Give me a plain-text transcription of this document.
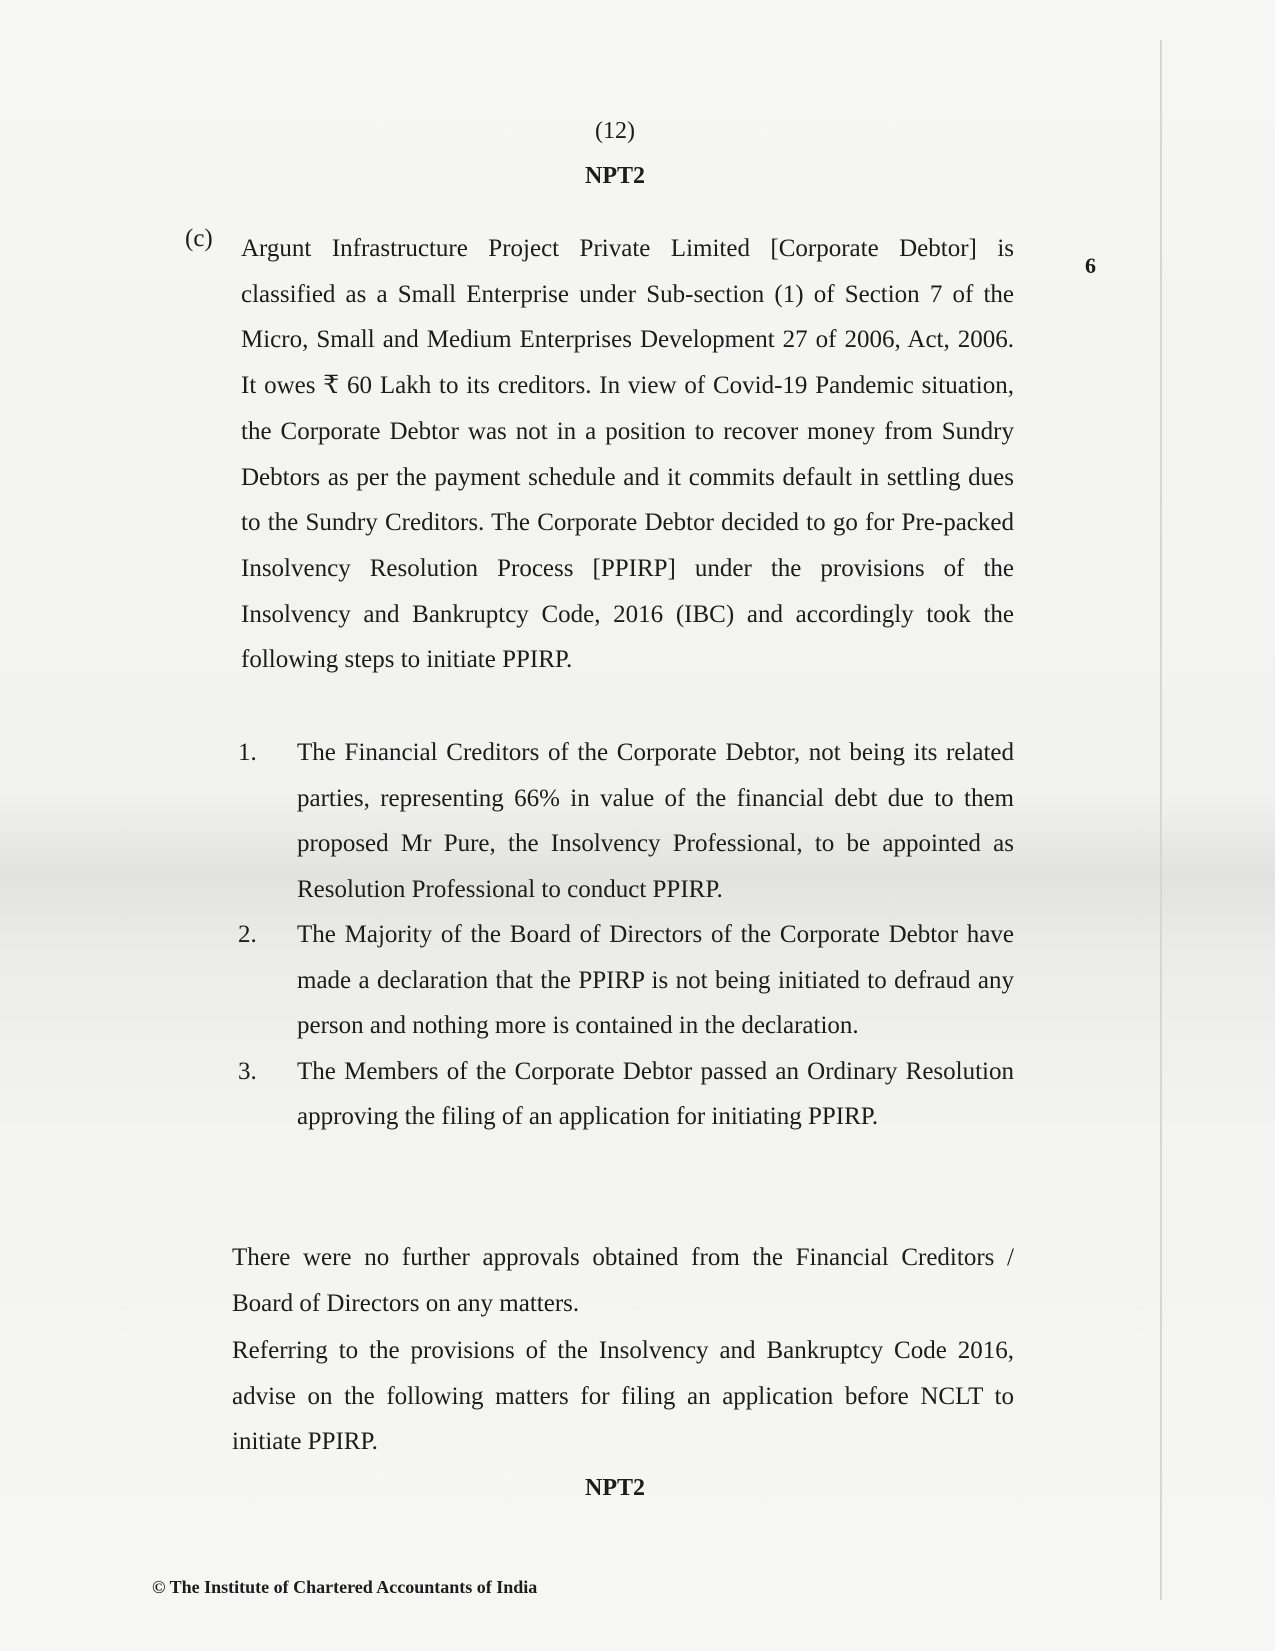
(12)
NPT2
(c)
6
Argunt Infrastructure Project Private Limited [Corporate Debtor] is classified as a Small Enterprise under Sub-section (1) of Section 7 of the Micro, Small and Medium Enterprises Development 27 of 2006, Act, 2006. It owes ₹ 60 Lakh to its creditors. In view of Covid-19 Pandemic situation, the Corporate Debtor was not in a position to recover money from Sundry Debtors as per the payment schedule and it commits default in settling dues to the Sundry Creditors. The Corporate Debtor decided to go for Pre-packed Insolvency Resolution Process [PPIRP] under the provisions of the Insolvency and Bankruptcy Code, 2016 (IBC) and accordingly took the following steps to initiate PPIRP.
1. The Financial Creditors of the Corporate Debtor, not being its related parties, representing 66% in value of the financial debt due to them proposed Mr Pure, the Insolvency Professional, to be appointed as Resolution Professional to conduct PPIRP.
2. The Majority of the Board of Directors of the Corporate Debtor have made a declaration that the PPIRP is not being initiated to defraud any person and nothing more is contained in the declaration.
3. The Members of the Corporate Debtor passed an Ordinary Resolution approving the filing of an application for initiating PPIRP.
There were no further approvals obtained from the Financial Creditors / Board of Directors on any matters.
Referring to the provisions of the Insolvency and Bankruptcy Code 2016, advise on the following matters for filing an application before NCLT to initiate PPIRP.
NPT2
© The Institute of Chartered Accountants of India
